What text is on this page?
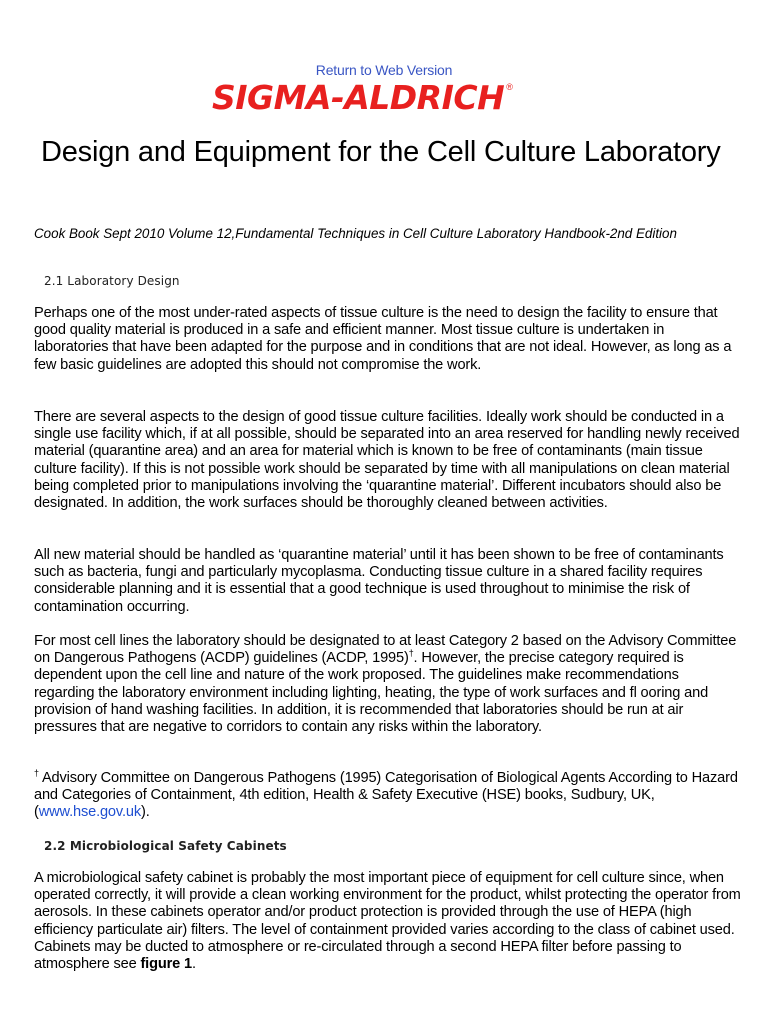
Return to Web Version
SIGMA-ALDRICH ®
Design and Equipment for the Cell Culture Laboratory

Cook Book Sept 2010 Volume 12,Fundamental Techniques in Cell Culture Laboratory Handbook-2nd Edition

2.1 Laboratory Design

Perhaps one of the most under-rated aspects of tissue culture is the need to design the facility to ensure that good quality material is produced in a safe and efficient manner. Most tissue culture is undertaken in laboratories that have been adapted for the purpose and in conditions that are not ideal. However, as long as a few basic guidelines are adopted this should not compromise the work.

There are several aspects to the design of good tissue culture facilities. Ideally work should be conducted in a single use facility which, if at all possible, should be separated into an area reserved for handling newly received material (quarantine area) and an area for material which is known to be free of contaminants (main tissue culture facility). If this is not possible work should be separated by time with all manipulations on clean material being completed prior to manipulations involving the ‘quarantine material’. Different incubators should also be designated. In addition, the work surfaces should be thoroughly cleaned between activities.

All new material should be handled as ‘quarantine material’ until it has been shown to be free of contaminants such as bacteria, fungi and particularly mycoplasma. Conducting tissue culture in a shared facility requires considerable planning and it is essential that a good technique is used throughout to minimise the risk of contamination occurring.

For most cell lines the laboratory should be designated to at least Category 2 based on the Advisory Committee on Dangerous Pathogens (ACDP) guidelines (ACDP, 1995)†. However, the precise category required is dependent upon the cell line and nature of the work proposed. The guidelines make recommendations regarding the laboratory environment including lighting, heating, the type of work surfaces and fl ooring and provision of hand washing facilities. In addition, it is recommended that laboratories should be run at air pressures that are negative to corridors to contain any risks within the laboratory.

† Advisory Committee on Dangerous Pathogens (1995) Categorisation of Biological Agents According to Hazard and Categories of Containment, 4th edition, Health & Safety Executive (HSE) books, Sudbury, UK, (www.hse.gov.uk).

2.2 Microbiological Safety Cabinets

A microbiological safety cabinet is probably the most important piece of equipment for cell culture since, when operated correctly, it will provide a clean working environment for the product, whilst protecting the operator from aerosols. In these cabinets operator and/or product protection is provided through the use of HEPA (high efficiency particulate air) filters. The level of containment provided varies according to the class of cabinet used. Cabinets may be ducted to atmosphere or re-circulated through a second HEPA filter before passing to atmosphere see figure 1.
